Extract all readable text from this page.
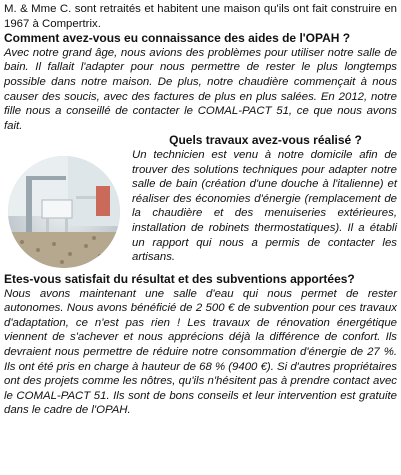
M. & Mme C. sont retraités et habitent une maison qu'ils ont fait construire en 1967 à Compertrix.

Comment avez-vous eu connaissance des aides de l'OPAH ?

Avec notre grand âge, nous avions des problèmes pour utiliser notre salle de bain. Il fallait l'adapter pour nous permettre de rester le plus longtemps possible dans notre maison. De plus, notre chaudière commençait à nous causer des soucis, avec des factures de plus en plus salées. En 2012, notre fille nous a conseillé de contacter le COMAL-PACT 51, ce que nous avons fait.

Quels travaux avez-vous réalisé ?

Un technicien est venu à notre domicile afin de trouver des solutions techniques pour adapter notre salle de bain (création d'une douche à l'italienne) et réaliser des économies d'énergie (remplacement de la chaudière et des menuiseries extérieures, installation de robinets thermostatiques). Il a établi un rapport qui nous a permis de contacter les artisans.

Etes-vous satisfait du résultat et des subventions apportées?

Nous avons maintenant une salle d'eau qui nous permet de rester autonomes. Nous avons bénéficié de 2 500 € de subvention pour ces travaux d'adaptation, ce n'est pas rien ! Les travaux de rénovation énergétique viennent de s'achever et nous apprécions déjà la différence de confort. Ils devraient nous permettre de réduire notre consommation d'énergie de 27 %. Ils ont été pris en charge à hauteur de 68 % (9400 €). Si d'autres propriétaires ont des projets comme les nôtres, qu'ils n'hésitent pas à prendre contact avec le COMAL-PACT 51. Ils sont de bons conseils et leur intervention est gratuite dans le cadre de l'OPAH.
